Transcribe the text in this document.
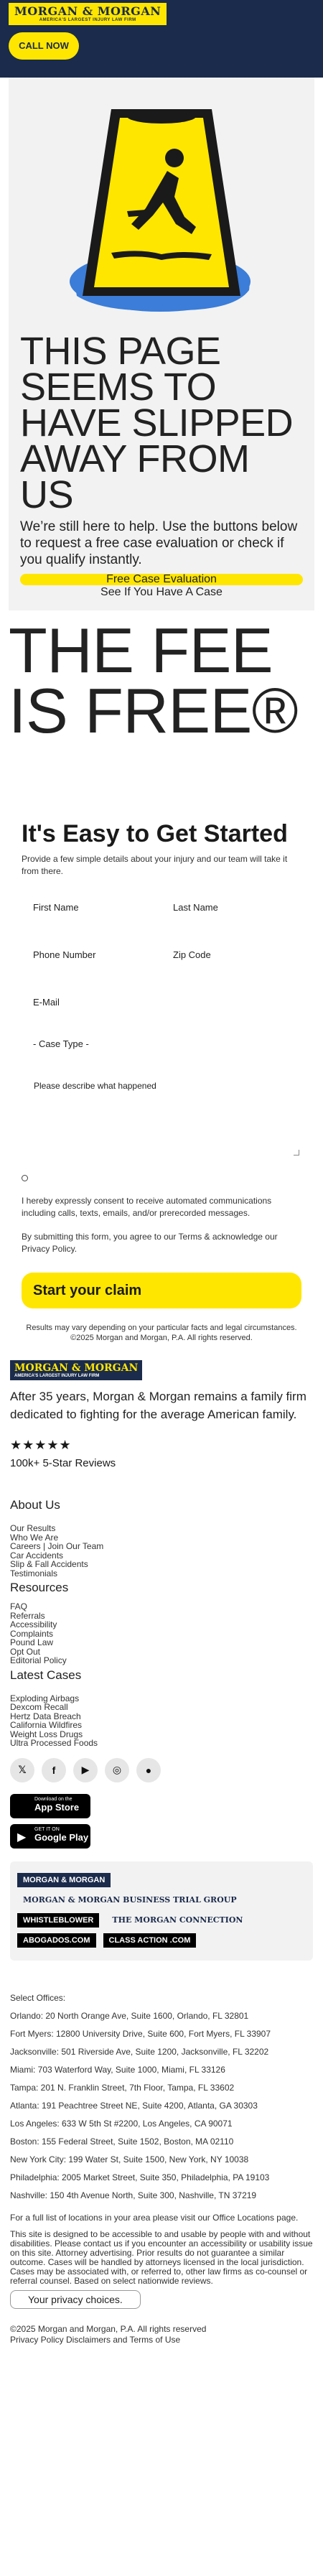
MORGAN & MORGAN
AMERICA'S LARGEST INJURY LAW FIRM
CALL NOW
THIS PAGE SEEMS TO HAVE SLIPPED AWAY FROM US

We’re still here to help. Use the buttons below to request a free case evaluation or check if you qualify instantly.

Free Case Evaluation
See If You Have A Case
THE FEE IS FREE®
It's Easy to Get Started

Provide a few simple details about your injury and our team will take it from there.

First Name	Last Name
Phone Number	Zip Code
E-Mail
- Case Type -
Please describe what happened

I hereby expressly consent to receive automated communications including calls, texts, emails, and/or prerecorded messages.

By submitting this form, you agree to our Terms & acknowledge our Privacy Policy.

Start your claim

Results may vary depending on your particular facts and legal circumstances. ©2025 Morgan and Morgan, P.A. All rights reserved.

MORGAN & MORGAN
AMERICA'S LARGEST INJURY LAW FIRM

After 35 years, Morgan & Morgan remains a family firm dedicated to fighting for the average American family.

★★★★★
100k+ 5-Star Reviews
About Us
Our Results
Who We Are
Careers | Join Our Team
Car Accidents
Slip & Fall Accidents
Testimonials
Resources
FAQ
Referrals
Accessibility
Complaints
Pound Law
Opt Out
Editorial Policy
Latest Cases
Exploding Airbags
Dexcom Recall
Hertz Data Breach
California Wildfires
Weight Loss Drugs
Ultra Processed Foods
𝕏	f	▶	◎	●
Download on the
App Store
▶
GET IT ON
Google Play
MORGAN & MORGAN
MORGAN & MORGAN BUSINESS TRIAL GROUP
WHISTLEBLOWER	THE MORGAN CONNECTION
ABOGADOS.COM	CLASS ACTION .COM
Select Offices:
Orlando: 20 North Orange Ave, Suite 1600, Orlando, FL 32801
Fort Myers: 12800 University Drive, Suite 600, Fort Myers, FL 33907
Jacksonville: 501 Riverside Ave, Suite 1200, Jacksonville, FL 32202
Miami: 703 Waterford Way, Suite 1000, Miami, FL 33126
Tampa: 201 N. Franklin Street, 7th Floor, Tampa, FL 33602
Atlanta: 191 Peachtree Street NE, Suite 4200, Atlanta, GA 30303
Los Angeles: 633 W 5th St #2200, Los Angeles, CA 90071
Boston: 155 Federal Street, Suite 1502, Boston, MA 02110
New York City: 199 Water St, Suite 1500, New York, NY 10038
Philadelphia: 2005 Market Street, Suite 350, Philadelphia, PA 19103
Nashville: 150 4th Avenue North, Suite 300, Nashville, TN 37219

For a full list of locations in your area please visit our Office Locations page.

This site is designed to be accessible to and usable by people with and without disabilities. Please contact us if you encounter an accessibility or usability issue on this site. Attorney advertising. Prior results do not guarantee a similar outcome. Cases will be handled by attorneys licensed in the local jurisdiction. Cases may be associated with, or referred to, other law firms as co-counsel or referral counsel. Based on select nationwide reviews.

Your privacy choices.

©2025 Morgan and Morgan, P.A. All rights reserved

Privacy Policy Disclaimers and Terms of Use
